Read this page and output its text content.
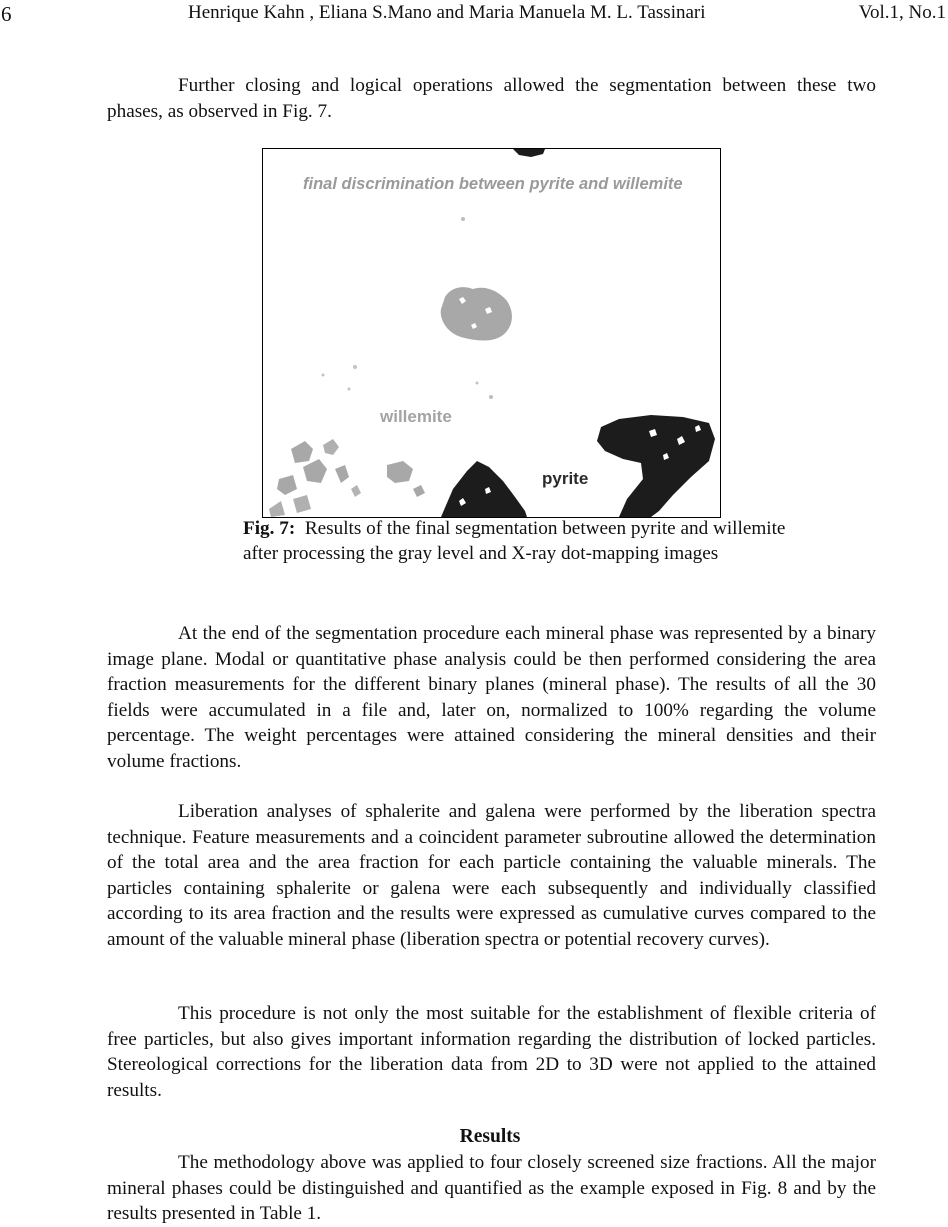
6	Henrique Kahn , Eliana S.Mano and Maria Manuela M. L. Tassinari	Vol.1, No.1

Further closing and logical operations allowed the segmentation between these two phases, as observed in Fig. 7.

final discrimination between pyrite and willemite
willemite
pyrite

Fig. 7: Results of the final segmentation between pyrite and willemite after processing the gray level and X-ray dot-mapping images

At the end of the segmentation procedure each mineral phase was represented by a binary image plane. Modal or quantitative phase analysis could be then performed considering the area fraction measurements for the different binary planes (mineral phase). The results of all the 30 fields were accumulated in a file and, later on, normalized to 100% regarding the volume percentage. The weight percentages were attained considering the mineral densities and their volume fractions.

Liberation analyses of sphalerite and galena were performed by the liberation spectra technique. Feature measurements and a coincident parameter subroutine allowed the determination of the total area and the area fraction for each particle containing the valuable minerals. The particles containing sphalerite or galena were each subsequently and individually classified according to its area fraction and the results were expressed as cumulative curves compared to the amount of the valuable mineral phase (liberation spectra or potential recovery curves).

This procedure is not only the most suitable for the establishment of flexible criteria of free particles, but also gives important information regarding the distribution of locked particles. Stereological corrections for the liberation data from 2D to 3D were not applied to the attained results.

Results

The methodology above was applied to four closely screened size fractions. All the major mineral phases could be distinguished and quantified as the example exposed in Fig. 8 and by the results presented in Table 1.
